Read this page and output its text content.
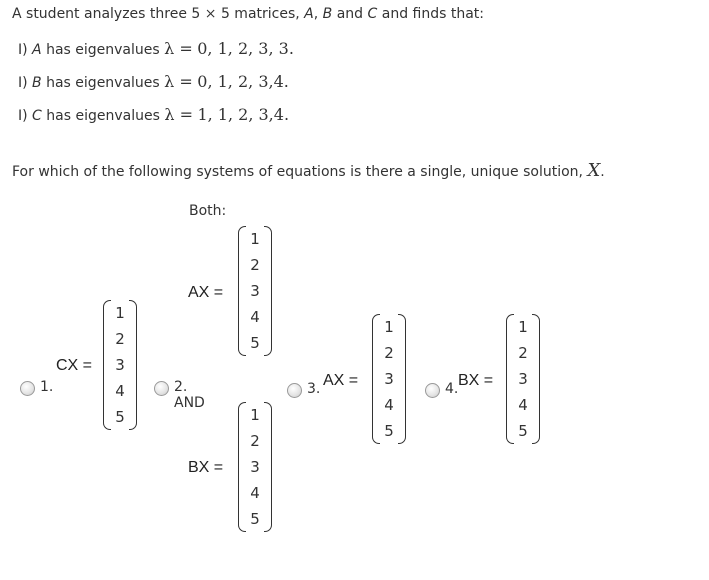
A student analyzes three 5 × 5 matrices, A, B and C and finds that:
I) A has eigenvalues λ = 0, 1, 2, 3, 3.
I) B has eigenvalues λ = 0, 1, 2, 3,4.
I) C has eigenvalues λ = 1, 1, 2, 3,4.
For which of the following systems of equations is there a single, unique solution, X.
1.
CX =
1
2
3
4
5
Both:
AX =
1
2
3
4
5
2. AND
BX =
1
2
3
4
5
3. AX =
1
2
3
4
5
4. BX =
1
2
3
4
5
